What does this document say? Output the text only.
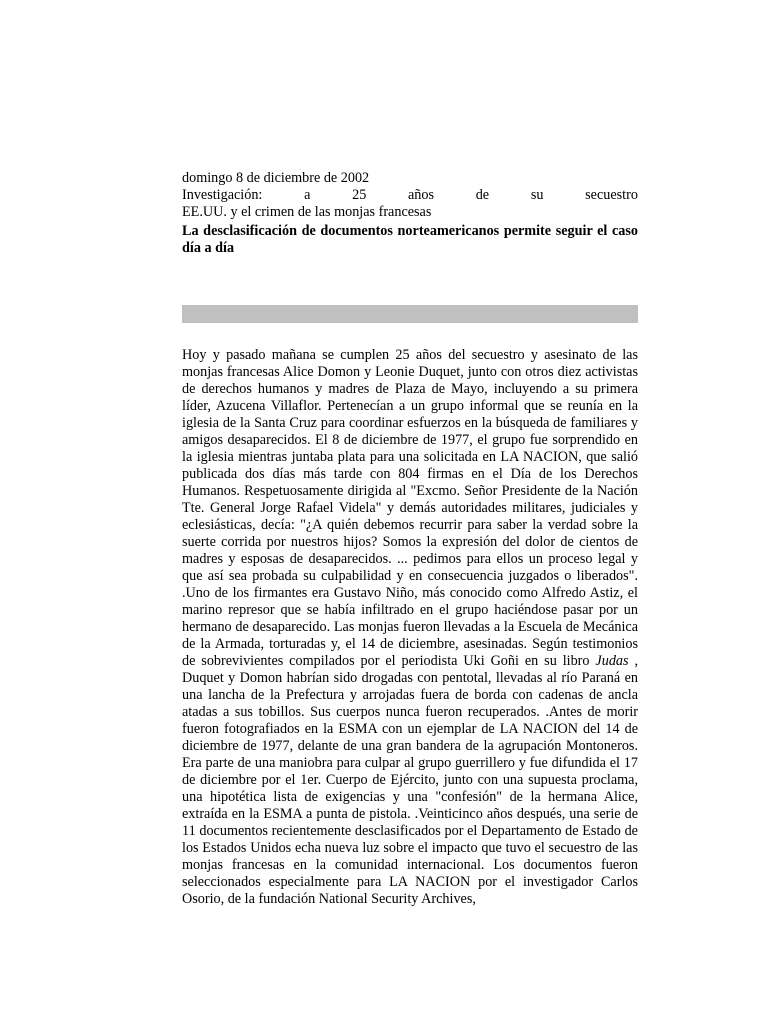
domingo 8 de diciembre de 2002

Investigación:	a	25	años	de	su	secuestro

EE.UU. y el crimen de las monjas francesas

La desclasificación de documentos norteamericanos permite seguir el caso día a día

Hoy y pasado mañana se cumplen 25 años del secuestro y asesinato de las monjas francesas Alice Domon y Leonie Duquet, junto con otros diez activistas de derechos humanos y madres de Plaza de Mayo, incluyendo a su primera líder, Azucena Villaflor. Pertenecían a un grupo informal que se reunía en la iglesia de la Santa Cruz para coordinar esfuerzos en la búsqueda de familiares y amigos desaparecidos. El 8 de diciembre de 1977, el grupo fue sorprendido en la iglesia mientras juntaba plata para una solicitada en LA NACION, que salió publicada dos días más tarde con 804 firmas en el Día de los Derechos Humanos. Respetuosamente dirigida al "Excmo. Señor Presidente de la Nación Tte. General Jorge Rafael Videla" y demás autoridades militares, judiciales y eclesiásticas, decía: "¿A quién debemos recurrir para saber la verdad sobre la suerte corrida por nuestros hijos? Somos la expresión del dolor de cientos de madres y esposas de desaparecidos. ... pedimos para ellos un proceso legal y que así sea probada su culpabilidad y en consecuencia juzgados o liberados". .Uno de los firmantes era Gustavo Niño, más conocido como Alfredo Astiz, el marino represor que se había infiltrado en el grupo haciéndose pasar por un hermano de desaparecido. Las monjas fueron llevadas a la Escuela de Mecánica de la Armada, torturadas y, el 14 de diciembre, asesinadas. Según testimonios de sobrevivientes compilados por el periodista Uki Goñi en su libro Judas , Duquet y Domon habrían sido drogadas con pentotal, llevadas al río Paraná en una lancha de la Prefectura y arrojadas fuera de borda con cadenas de ancla atadas a sus tobillos. Sus cuerpos nunca fueron recuperados. .Antes de morir fueron fotografiados en la ESMA con un ejemplar de LA NACION del 14 de diciembre de 1977, delante de una gran bandera de la agrupación Montoneros. Era parte de una maniobra para culpar al grupo guerrillero y fue difundida el 17 de diciembre por el 1er. Cuerpo de Ejército, junto con una supuesta proclama, una hipotética lista de exigencias y una "confesión" de la hermana Alice, extraída en la ESMA a punta de pistola. .Veinticinco años después, una serie de 11 documentos recientemente desclasificados por el Departamento de Estado de los Estados Unidos echa nueva luz sobre el impacto que tuvo el secuestro de las monjas francesas en la comunidad internacional. Los documentos fueron seleccionados especialmente para LA NACION por el investigador Carlos Osorio, de la fundación National Security Archives,
